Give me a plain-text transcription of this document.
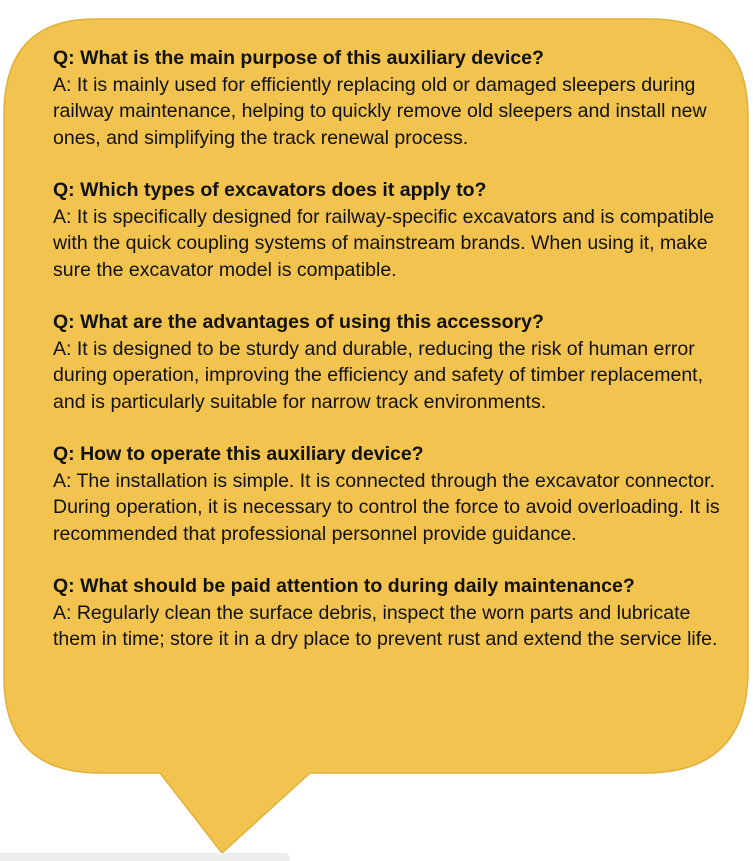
Q: What is the main purpose of this auxiliary device?
A: It is mainly used for efficiently replacing old or damaged sleepers during railway maintenance, helping to quickly remove old sleepers and install new ones, and simplifying the track renewal process.
Q: Which types of excavators does it apply to?
A: It is specifically designed for railway-specific excavators and is compatible with the quick coupling systems of mainstream brands. When using it, make sure the excavator model is compatible.
Q: What are the advantages of using this accessory?
A: It is designed to be sturdy and durable, reducing the risk of human error during operation, improving the efficiency and safety of timber replacement, and is particularly suitable for narrow track environments.
Q: How to operate this auxiliary device?
A: The installation is simple. It is connected through the excavator connector. During operation, it is necessary to control the force to avoid overloading. It is recommended that professional personnel provide guidance.
Q: What should be paid attention to during daily maintenance?
A: Regularly clean the surface debris, inspect the worn parts and lubricate them in time; store it in a dry place to prevent rust and extend the service life.
